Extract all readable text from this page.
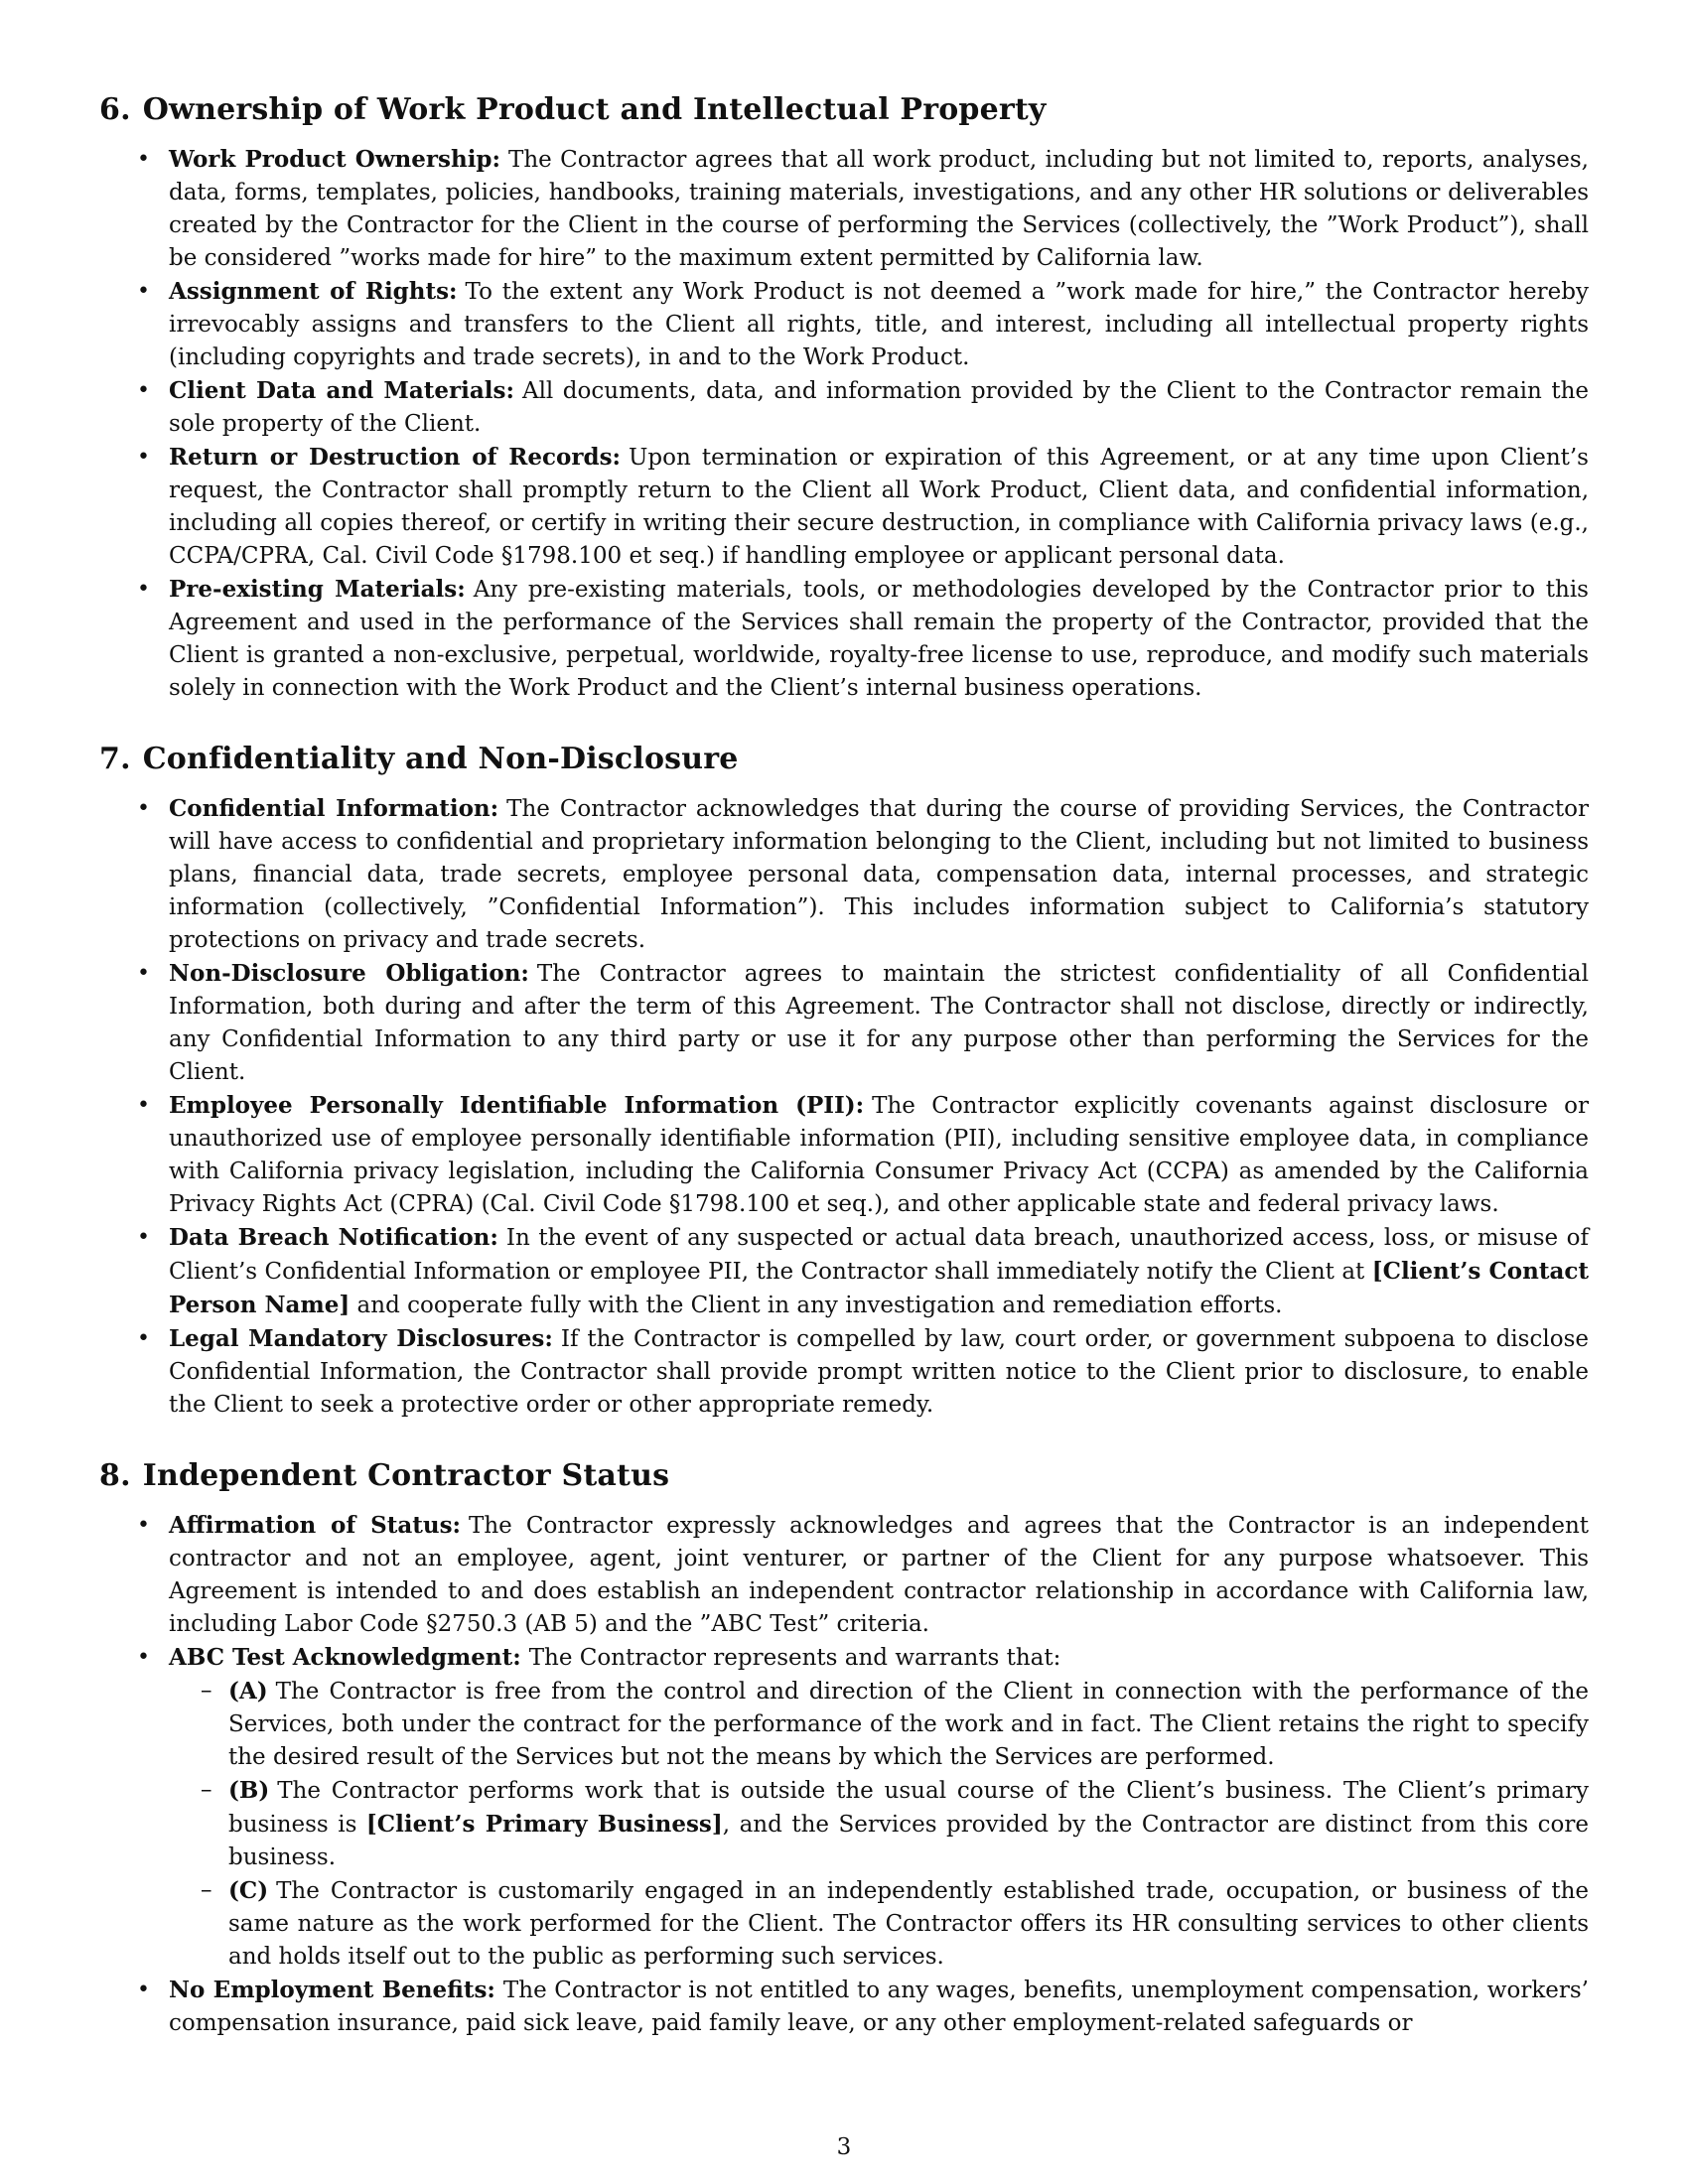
6. Ownership of Work Product and Intellectual Property
• Work Product Ownership: The Contractor agrees that all work product, including but not limited to, reports, analyses, data, forms, templates, policies, handbooks, training materials, investigations, and any other HR solutions or deliverables created by the Contractor for the Client in the course of performing the Services (collectively, the ”Work Product”), shall be considered ”works made for hire” to the maximum extent permitted by California law.
• Assignment of Rights: To the extent any Work Product is not deemed a ”work made for hire,” the Contractor hereby irrevocably assigns and transfers to the Client all rights, title, and interest, including all intellectual property rights (including copyrights and trade secrets), in and to the Work Product.
• Client Data and Materials: All documents, data, and information provided by the Client to the Contractor remain the sole property of the Client.
• Return or Destruction of Records: Upon termination or expiration of this Agreement, or at any time upon Client’s request, the Contractor shall promptly return to the Client all Work Product, Client data, and confidential information, including all copies thereof, or certify in writing their secure destruction, in compliance with California privacy laws (e.g., CCPA/CPRA, Cal. Civil Code §1798.100 et seq.) if handling employee or applicant personal data.
• Pre-existing Materials: Any pre-existing materials, tools, or methodologies developed by the Contractor prior to this Agreement and used in the performance of the Services shall remain the property of the Contractor, provided that the Client is granted a non-exclusive, perpetual, worldwide, royalty-free license to use, reproduce, and modify such materials solely in connection with the Work Product and the Client’s internal business operations.
7. Confidentiality and Non-Disclosure
• Confidential Information: The Contractor acknowledges that during the course of providing Services, the Contractor will have access to confidential and proprietary information belonging to the Client, including but not limited to business plans, financial data, trade secrets, employee personal data, compensation data, internal processes, and strategic information (collectively, ”Confidential Information”). This includes information subject to California’s statutory protections on privacy and trade secrets.
• Non-Disclosure Obligation: The Contractor agrees to maintain the strictest confidentiality of all Confidential Information, both during and after the term of this Agreement. The Contractor shall not disclose, directly or indirectly, any Confidential Information to any third party or use it for any purpose other than performing the Services for the Client.
• Employee Personally Identifiable Information (PII): The Contractor explicitly covenants against disclosure or unauthorized use of employee personally identifiable information (PII), including sensitive employee data, in compliance with California privacy legislation, including the California Consumer Privacy Act (CCPA) as amended by the California Privacy Rights Act (CPRA) (Cal. Civil Code §1798.100 et seq.), and other applicable state and federal privacy laws.
• Data Breach Notification: In the event of any suspected or actual data breach, unauthorized access, loss, or misuse of Client’s Confidential Information or employee PII, the Contractor shall immediately notify the Client at [Client’s Contact Person Name] and cooperate fully with the Client in any investigation and remediation efforts.
• Legal Mandatory Disclosures: If the Contractor is compelled by law, court order, or government subpoena to disclose Confidential Information, the Contractor shall provide prompt written notice to the Client prior to disclosure, to enable the Client to seek a protective order or other appropriate remedy.
8. Independent Contractor Status
• Affirmation of Status: The Contractor expressly acknowledges and agrees that the Contractor is an independent contractor and not an employee, agent, joint venturer, or partner of the Client for any purpose whatsoever. This Agreement is intended to and does establish an independent contractor relationship in accordance with California law, including Labor Code §2750.3 (AB 5) and the ”ABC Test” criteria.
• ABC Test Acknowledgment: The Contractor represents and warrants that:
– (A) The Contractor is free from the control and direction of the Client in connection with the performance of the Services, both under the contract for the performance of the work and in fact. The Client retains the right to specify the desired result of the Services but not the means by which the Services are performed.
– (B) The Contractor performs work that is outside the usual course of the Client’s business. The Client’s primary business is [Client’s Primary Business], and the Services provided by the Contractor are distinct from this core business.
– (C) The Contractor is customarily engaged in an independently established trade, occupation, or business of the same nature as the work performed for the Client. The Contractor offers its HR consulting services to other clients and holds itself out to the public as performing such services.
• No Employment Benefits: The Contractor is not entitled to any wages, benefits, unemployment compensation, workers’ compensation insurance, paid sick leave, paid family leave, or any other employment-related safeguards or
3
